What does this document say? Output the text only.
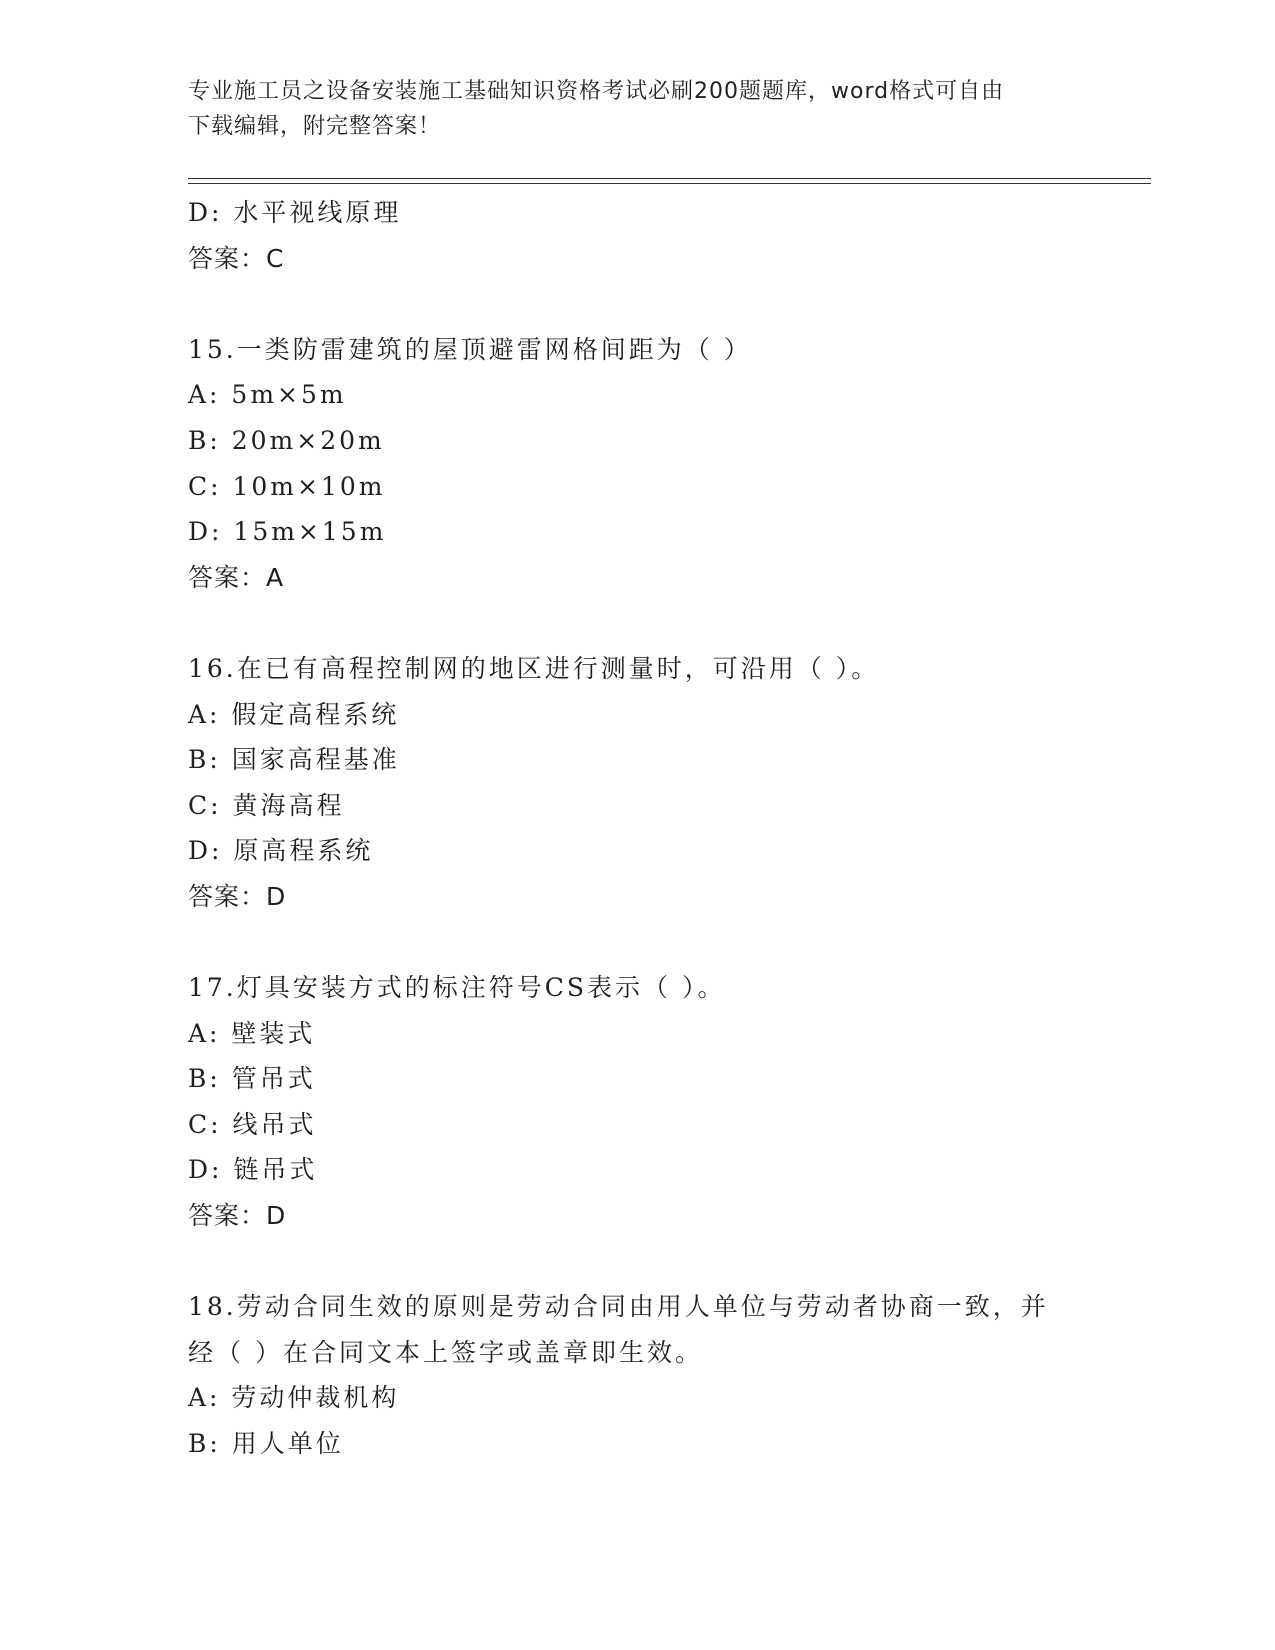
专业施工员之设备安装施工基础知识资格考试必刷200题题库，word格式可自由
下载编辑，附完整答案！
D: 水平视线原理
答案：C
15.一类防雷建筑的屋顶避雷网格间距为（ ）
A: 5m×5m
B: 20m×20m
C: 10m×10m
D: 15m×15m
答案：A
16.在已有高程控制网的地区进行测量时，可沿用（ ）。
A: 假定高程系统
B: 国家高程基准
C: 黄海高程
D: 原高程系统
答案：D
17.灯具安装方式的标注符号CS表示（ ）。
A: 壁装式
B: 管吊式
C: 线吊式
D: 链吊式
答案：D
18.劳动合同生效的原则是劳动合同由用人单位与劳动者协商一致，并
经（ ）在合同文本上签字或盖章即生效。
A: 劳动仲裁机构
B: 用人单位
